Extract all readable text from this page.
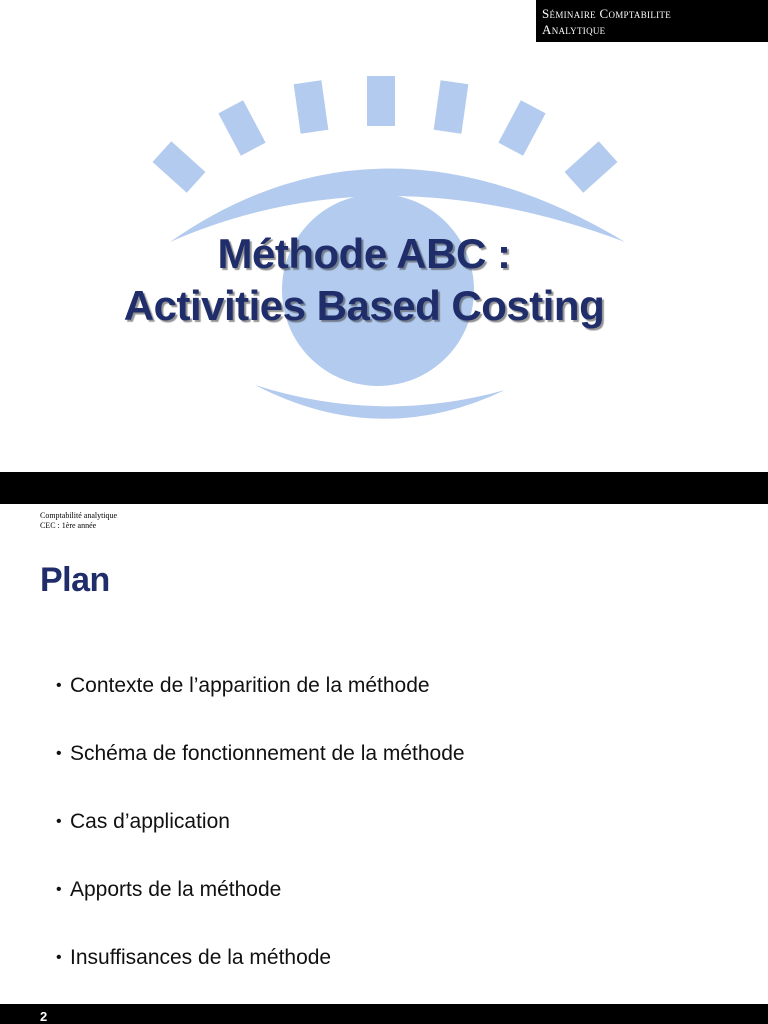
Séminaire Comptabilite
Analytique
Méthode ABC :
Activities Based Costing
Comptabilité analytique
CEC : 1ère année
Plan
• Contexte de l’apparition de la méthode
• Schéma de fonctionnement de la méthode
• Cas d’application
• Apports de la méthode
• Insuffisances de la méthode
2
